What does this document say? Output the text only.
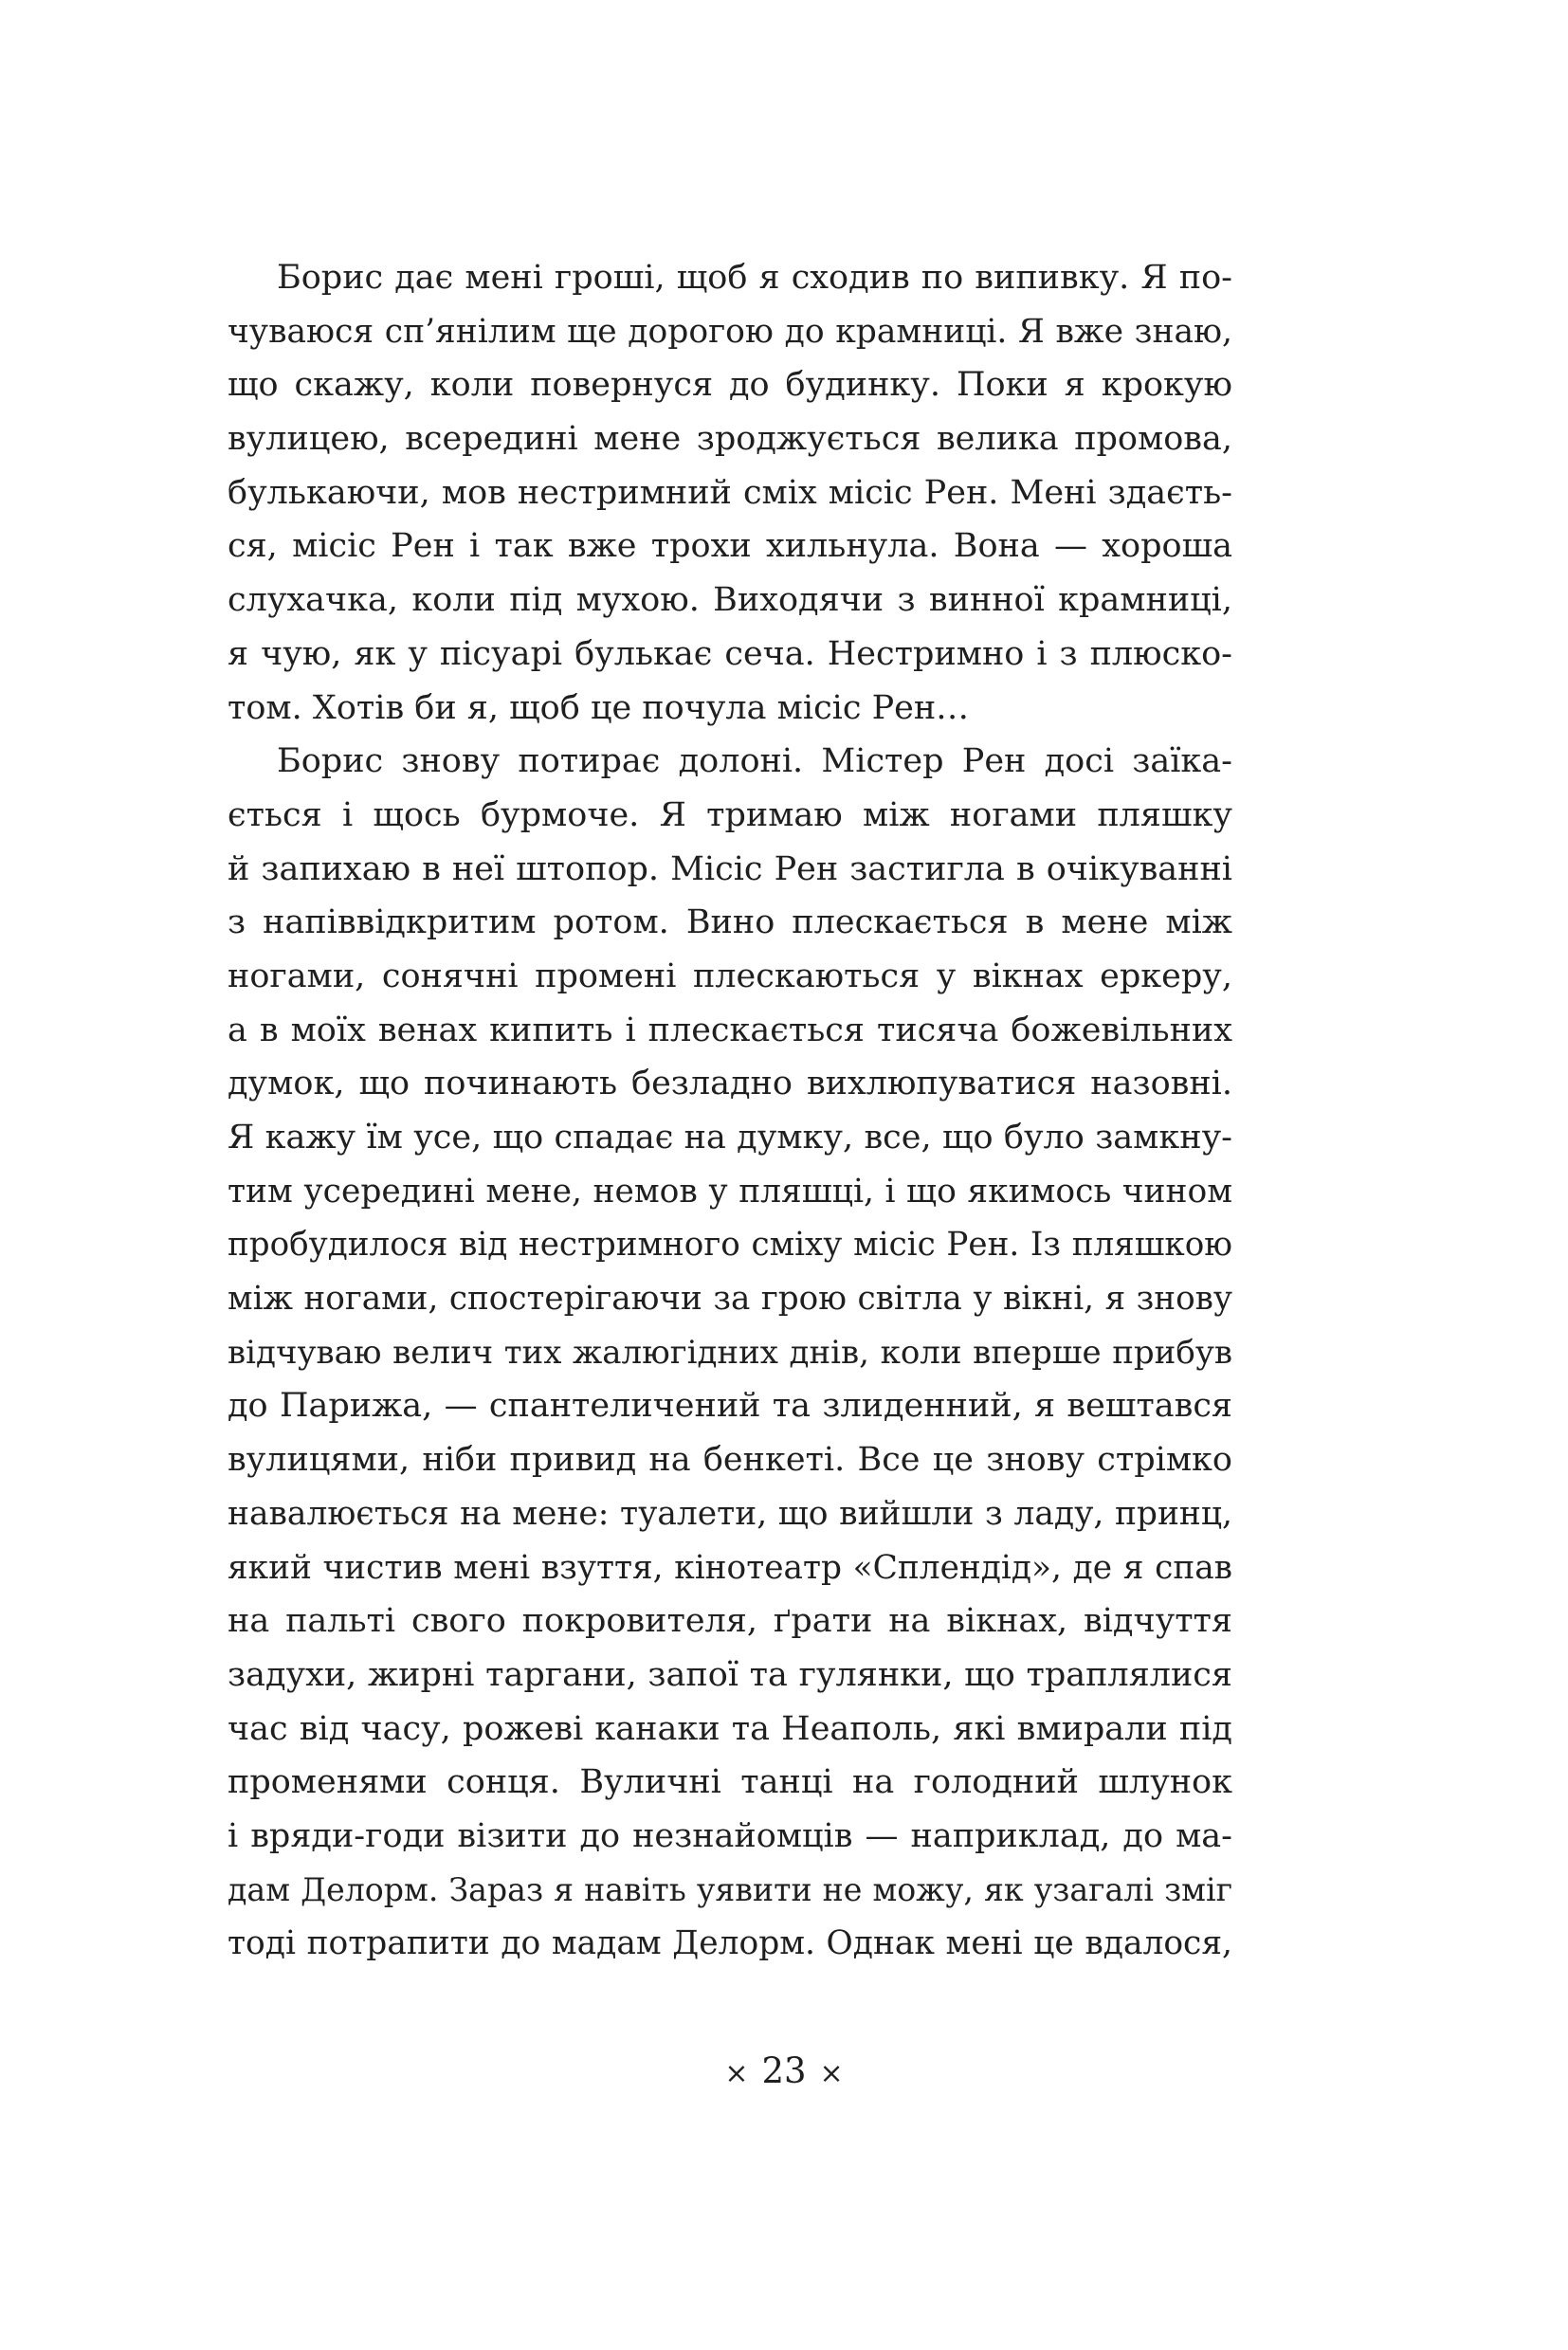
Борис дає мені гроші, щоб я сходив по випивку. Я по-
чуваюся сп’янілим ще дорогою до крамниці. Я вже знаю,
що скажу, коли повернуся до будинку. Поки я крокую
вулицею, всередині мене зроджується велика промова,
булькаючи, мов нестримний сміх місіс Рен. Мені здаєть-
ся, місіс Рен і так вже трохи хильнула. Вона — хороша
слухачка, коли під мухою. Виходячи з винної крамниці,
я чую, як у пісуарі булькає сеча. Нестримно і з плюско-
том. Хотів би я, щоб це почула місіс Рен…
Борис знову потирає долоні. Містер Рен досі заїка-
ється і щось бурмоче. Я тримаю між ногами пляшку
й запихаю в неї штопор. Місіс Рен застигла в очікуванні
з напіввідкритим ротом. Вино плескається в мене між
ногами, сонячні промені плескаються у вікнах еркеру,
а в моїх венах кипить і плескається тисяча божевільних
думок, що починають безладно вихлюпуватися назовні.
Я кажу їм усе, що спадає на думку, все, що було замкну-
тим усередині мене, немов у пляшці, і що якимось чином
пробудилося від нестримного сміху місіс Рен. Із пляшкою
між ногами, спостерігаючи за грою світла у вікні, я знову
відчуваю велич тих жалюгідних днів, коли вперше прибув
до Парижа, — спантеличений та злиденний, я вештався
вулицями, ніби привид на бенкеті. Все це знову стрімко
навалюється на мене: туалети, що вийшли з ладу, принц,
який чистив мені взуття, кінотеатр «Сплендід», де я спав
на пальті свого покровителя, ґрати на вікнах, відчуття
задухи, жирні таргани, запої та гулянки, що траплялися
час від часу, рожеві канаки та Неаполь, які вмирали під
променями сонця. Вуличні танці на голодний шлунок
і вряди-годи візити до незнайомців — наприклад, до ма-
дам Делорм. Зараз я навіть уявити не можу, як узагалі зміг
тоді потрапити до мадам Делорм. Однак мені це вдалося,
× 23 ×
